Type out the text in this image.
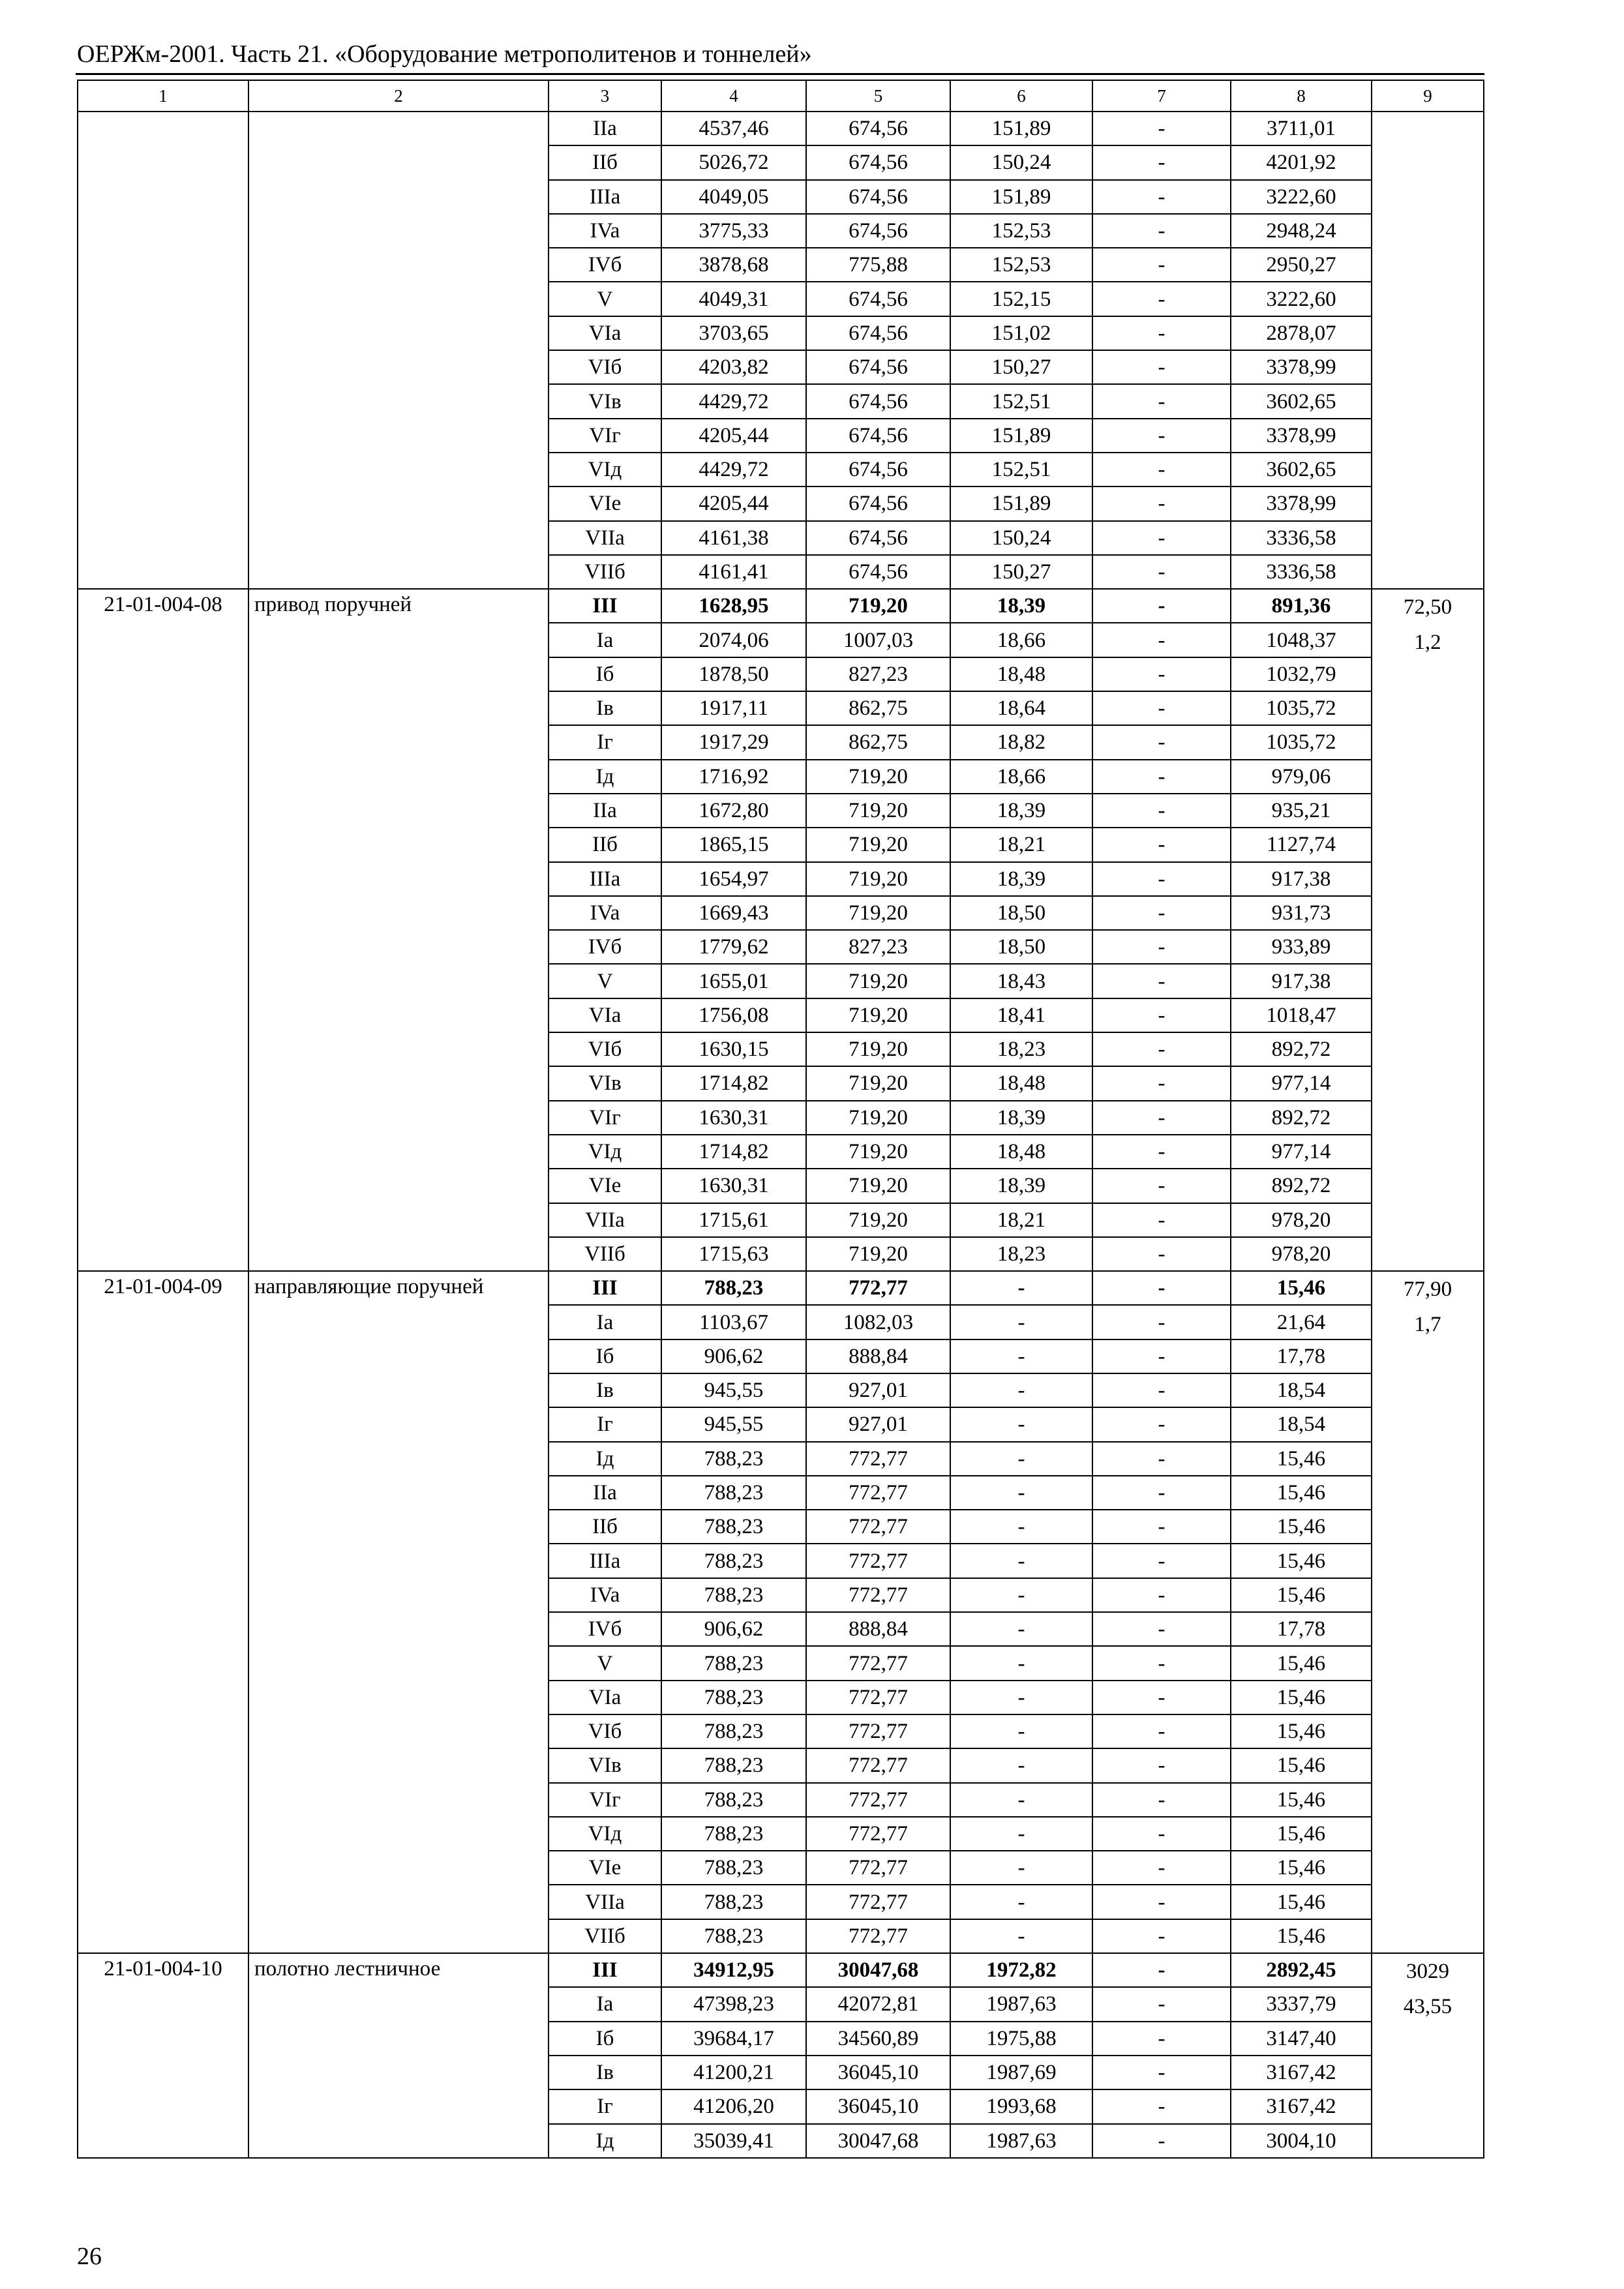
ОЕРЖм-2001. Часть 21. «Оборудование метрополитенов и тоннелей»
1	2	3	4	5	6	7	8	9
		IIa	4537,46	674,56	151,89	-	3711,01	
		IIб	5026,72	674,56	150,24	-	4201,92	
		IIIa	4049,05	674,56	151,89	-	3222,60	
		IVa	3775,33	674,56	152,53	-	2948,24	
		IVб	3878,68	775,88	152,53	-	2950,27	
		V	4049,31	674,56	152,15	-	3222,60	
		VIa	3703,65	674,56	151,02	-	2878,07	
		VIб	4203,82	674,56	150,27	-	3378,99	
		VIв	4429,72	674,56	152,51	-	3602,65	
		VIг	4205,44	674,56	151,89	-	3378,99	
		VIд	4429,72	674,56	152,51	-	3602,65	
		VIe	4205,44	674,56	151,89	-	3378,99	
		VIIa	4161,38	674,56	150,24	-	3336,58	
		VIIб	4161,41	674,56	150,27	-	3336,58	
21-01-004-08	привод поручней	III	1628,95	719,20	18,39	-	891,36	72,50
1,2

		Ia	2074,06	1007,03	18,66	-	1048,37	
		Iб	1878,50	827,23	18,48	-	1032,79	
		Iв	1917,11	862,75	18,64	-	1035,72	
		Iг	1917,29	862,75	18,82	-	1035,72	
		Iд	1716,92	719,20	18,66	-	979,06	
		IIa	1672,80	719,20	18,39	-	935,21	
		IIб	1865,15	719,20	18,21	-	1127,74	
		IIIa	1654,97	719,20	18,39	-	917,38	
		IVa	1669,43	719,20	18,50	-	931,73	
		IVб	1779,62	827,23	18,50	-	933,89	
		V	1655,01	719,20	18,43	-	917,38	
		VIa	1756,08	719,20	18,41	-	1018,47	
		VIб	1630,15	719,20	18,23	-	892,72	
		VIв	1714,82	719,20	18,48	-	977,14	
		VIг	1630,31	719,20	18,39	-	892,72	
		VIд	1714,82	719,20	18,48	-	977,14	
		VIe	1630,31	719,20	18,39	-	892,72	
		VIIa	1715,61	719,20	18,21	-	978,20	
		VIIб	1715,63	719,20	18,23	-	978,20	
21-01-004-09	направляющие поручней	III	788,23	772,77	-	-	15,46	77,90
1,7

		Ia	1103,67	1082,03	-	-	21,64	
		Iб	906,62	888,84	-	-	17,78	
		Iв	945,55	927,01	-	-	18,54	
		Iг	945,55	927,01	-	-	18,54	
		Iд	788,23	772,77	-	-	15,46	
		IIa	788,23	772,77	-	-	15,46	
		IIб	788,23	772,77	-	-	15,46	
		IIIa	788,23	772,77	-	-	15,46	
		IVa	788,23	772,77	-	-	15,46	
		IVб	906,62	888,84	-	-	17,78	
		V	788,23	772,77	-	-	15,46	
		VIa	788,23	772,77	-	-	15,46	
		VIб	788,23	772,77	-	-	15,46	
		VIв	788,23	772,77	-	-	15,46	
		VIг	788,23	772,77	-	-	15,46	
		VIд	788,23	772,77	-	-	15,46	
		VIe	788,23	772,77	-	-	15,46	
		VIIa	788,23	772,77	-	-	15,46	
		VIIб	788,23	772,77	-	-	15,46	
21-01-004-10	полотно лестничное	III	34912,95	30047,68	1972,82	-	2892,45	3029
43,55

		Ia	47398,23	42072,81	1987,63	-	3337,79	
		Iб	39684,17	34560,89	1975,88	-	3147,40	
		Iв	41200,21	36045,10	1987,69	-	3167,42	
		Iг	41206,20	36045,10	1993,68	-	3167,42	
		Iд	35039,41	30047,68	1987,63	-	3004,10	
26
